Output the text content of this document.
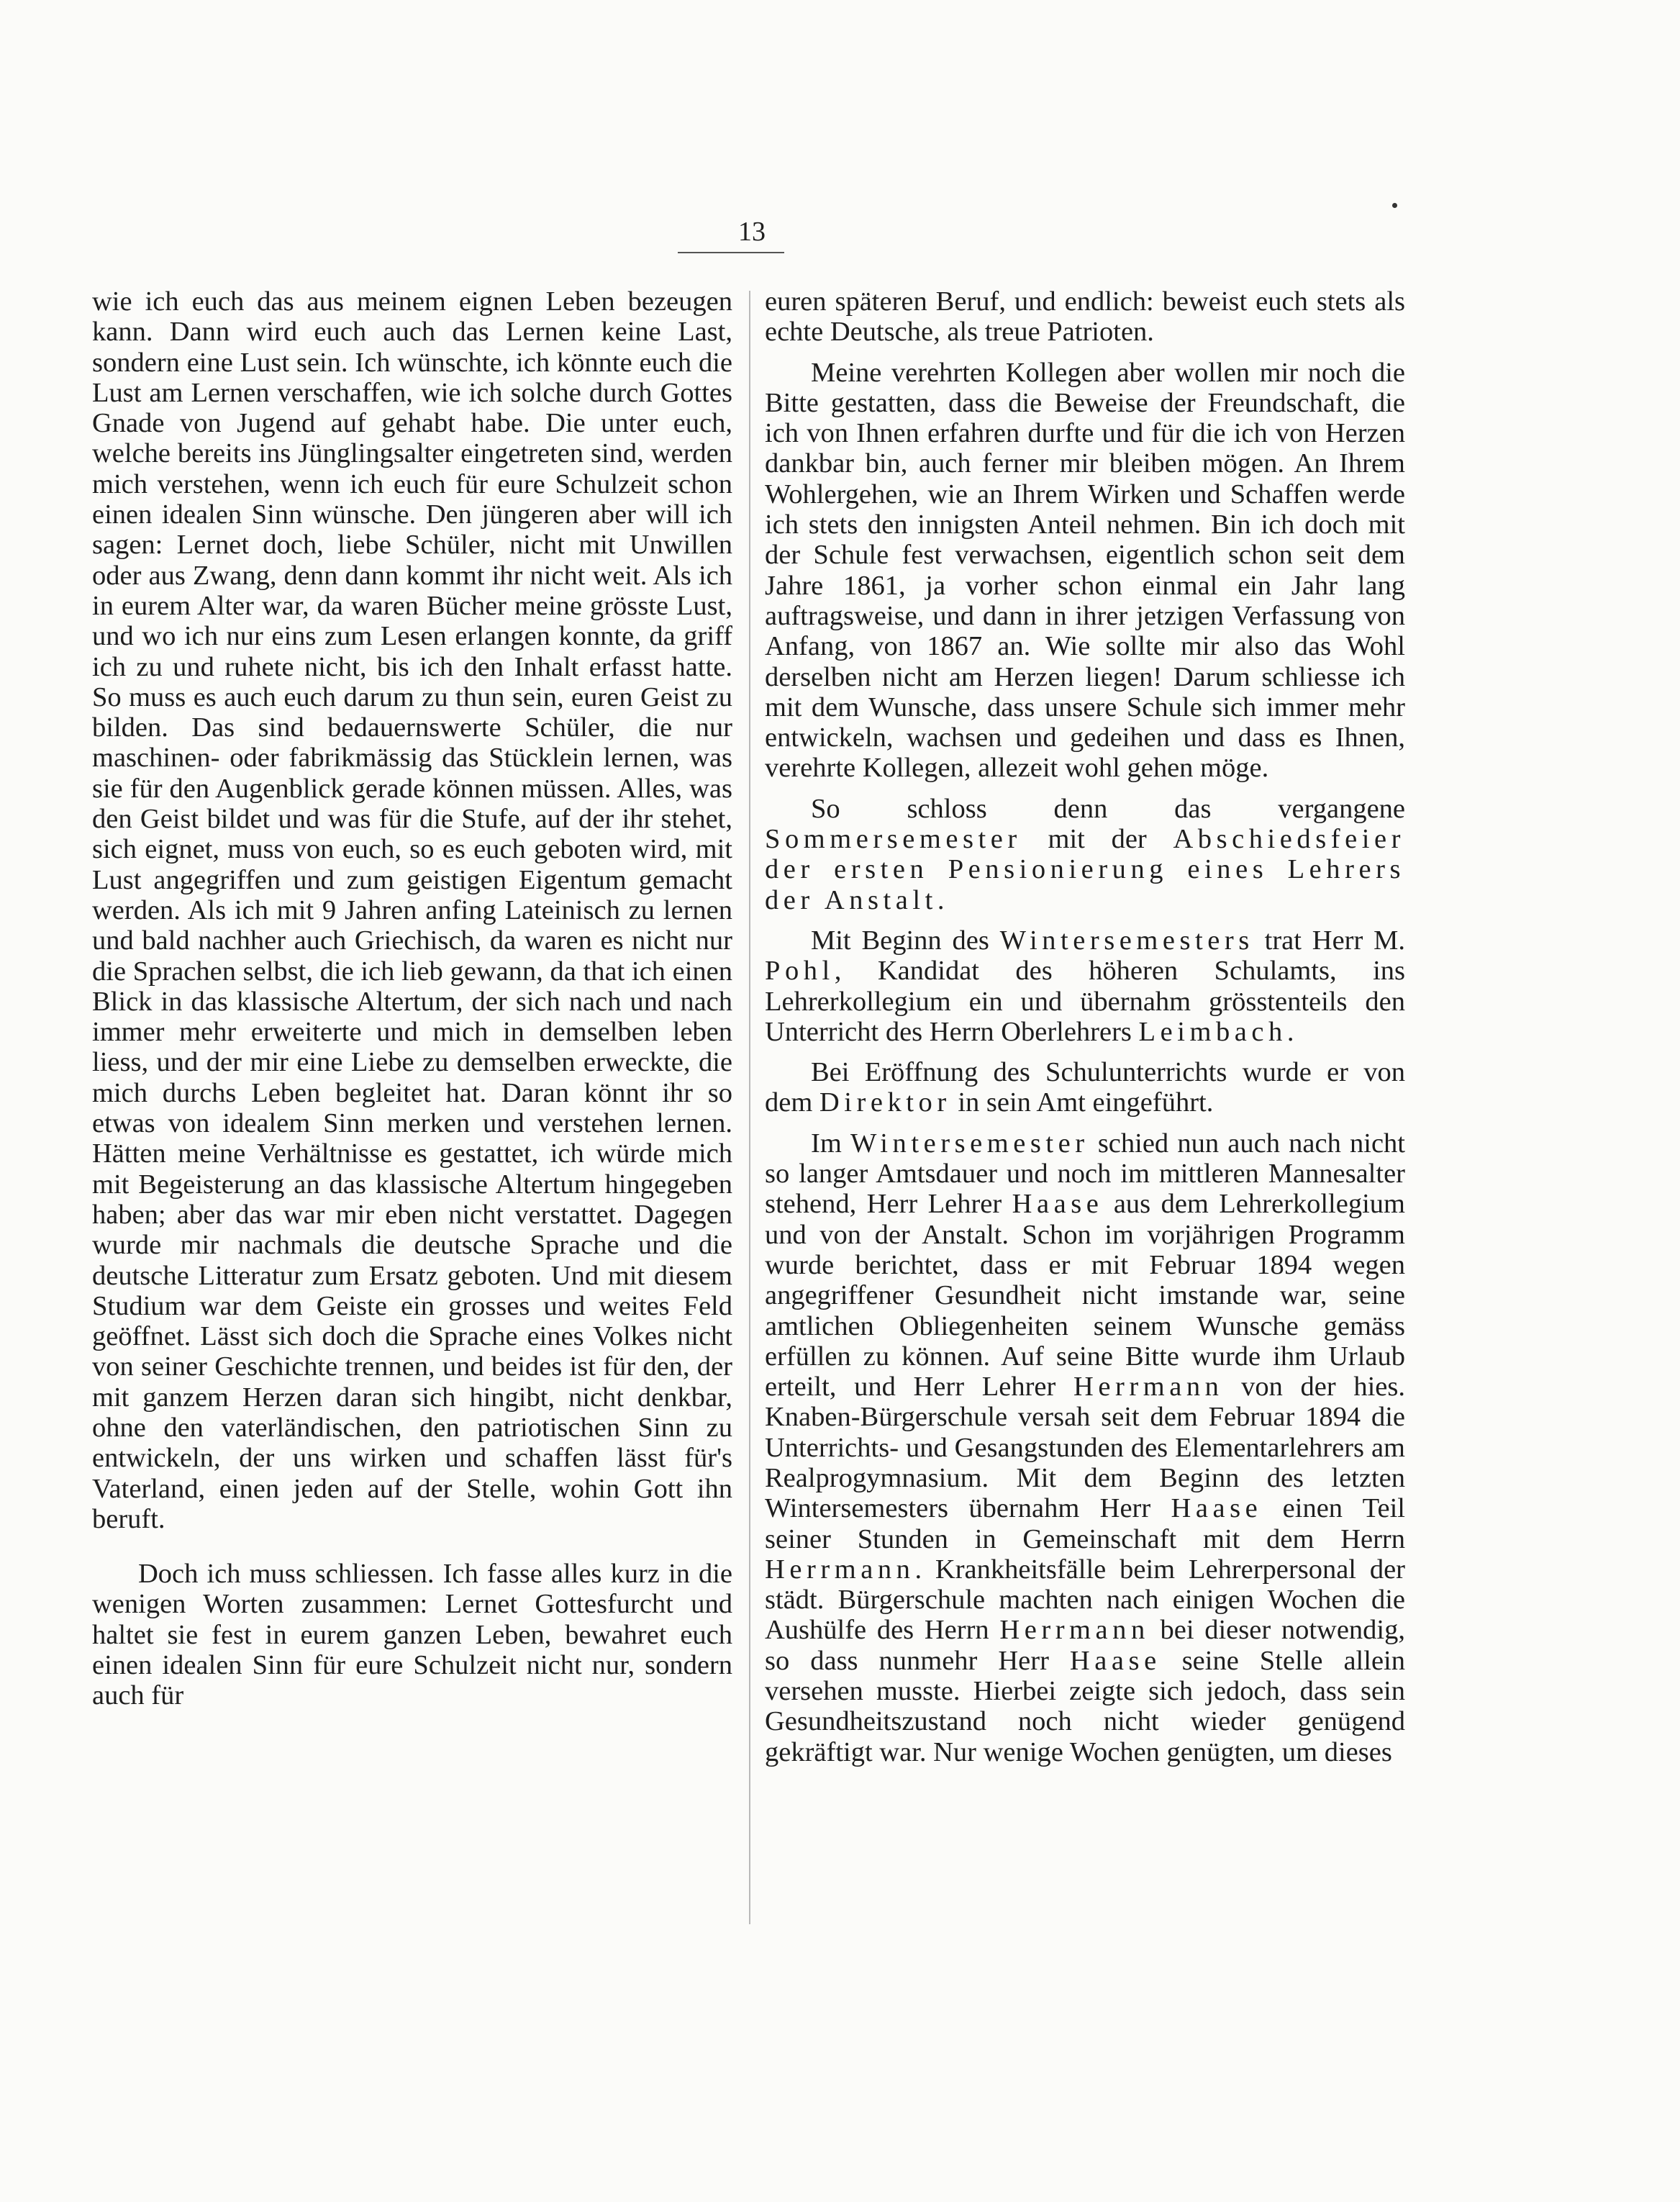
13

wie ich euch das aus meinem eignen Leben bezeugen kann. Dann wird euch auch das Lernen keine Last, sondern eine Lust sein. Ich wünschte, ich könnte euch die Lust am Lernen verschaffen, wie ich solche durch Gottes Gnade von Jugend auf gehabt habe. Die unter euch, welche bereits ins Jünglingsalter eingetreten sind, werden mich verstehen, wenn ich euch für eure Schulzeit schon einen idealen Sinn wünsche. Den jüngeren aber will ich sagen: Lernet doch, liebe Schüler, nicht mit Unwillen oder aus Zwang, denn dann kommt ihr nicht weit. Als ich in eurem Alter war, da waren Bücher meine grösste Lust, und wo ich nur eins zum Lesen erlangen konnte, da griff ich zu und ruhete nicht, bis ich den Inhalt erfasst hatte. So muss es auch euch darum zu thun sein, euren Geist zu bilden. Das sind bedauernswerte Schüler, die nur maschinen- oder fabrikmässig das Stücklein lernen, was sie für den Augenblick gerade können müssen. Alles, was den Geist bildet und was für die Stufe, auf der ihr stehet, sich eignet, muss von euch, so es euch geboten wird, mit Lust angegriffen und zum geistigen Eigentum gemacht werden. Als ich mit 9 Jahren anfing Lateinisch zu lernen und bald nachher auch Griechisch, da waren es nicht nur die Sprachen selbst, die ich lieb gewann, da that ich einen Blick in das klassische Altertum, der sich nach und nach immer mehr erweiterte und mich in demselben leben liess, und der mir eine Liebe zu demselben erweckte, die mich durchs Leben begleitet hat. Daran könnt ihr so etwas von idealem Sinn merken und verstehen lernen. Hätten meine Verhältnisse es gestattet, ich würde mich mit Begeisterung an das klassische Altertum hingegeben haben; aber das war mir eben nicht verstattet. Dagegen wurde mir nachmals die deutsche Sprache und die deutsche Litteratur zum Ersatz geboten. Und mit diesem Studium war dem Geiste ein grosses und weites Feld geöffnet. Lässt sich doch die Sprache eines Volkes nicht von seiner Geschichte trennen, und beides ist für den, der mit ganzem Herzen daran sich hingibt, nicht denkbar, ohne den vaterländischen, den patriotischen Sinn zu entwickeln, der uns wirken und schaffen lässt für's Vaterland, einen jeden auf der Stelle, wohin Gott ihn beruft.

Doch ich muss schliessen. Ich fasse alles kurz in die wenigen Worten zusammen: Lernet Gottesfurcht und haltet sie fest in eurem ganzen Leben, bewahret euch einen idealen Sinn für eure Schulzeit nicht nur, sondern auch für

euren späteren Beruf, und endlich: beweist euch stets als echte Deutsche, als treue Patrioten.

Meine verehrten Kollegen aber wollen mir noch die Bitte gestatten, dass die Beweise der Freundschaft, die ich von Ihnen erfahren durfte und für die ich von Herzen dankbar bin, auch ferner mir bleiben mögen. An Ihrem Wohlergehen, wie an Ihrem Wirken und Schaffen werde ich stets den innigsten Anteil nehmen. Bin ich doch mit der Schule fest verwachsen, eigentlich schon seit dem Jahre 1861, ja vorher schon einmal ein Jahr lang auftragsweise, und dann in ihrer jetzigen Verfassung von Anfang, von 1867 an. Wie sollte mir also das Wohl derselben nicht am Herzen liegen! Darum schliesse ich mit dem Wunsche, dass unsere Schule sich immer mehr entwickeln, wachsen und gedeihen und dass es Ihnen, verehrte Kollegen, allezeit wohl gehen möge.

So schloss denn das vergangene Sommersemester mit der Abschiedsfeier der ersten Pensionierung eines Lehrers der Anstalt.

Mit Beginn des Wintersemesters trat Herr M. Pohl, Kandidat des höheren Schulamts, ins Lehrerkollegium ein und übernahm grösstenteils den Unterricht des Herrn Oberlehrers Leimbach.

Bei Eröffnung des Schulunterrichts wurde er von dem Direktor in sein Amt eingeführt.

Im Wintersemester schied nun auch nach nicht so langer Amtsdauer und noch im mittleren Mannesalter stehend, Herr Lehrer Haase aus dem Lehrerkollegium und von der Anstalt. Schon im vorjährigen Programm wurde berichtet, dass er mit Februar 1894 wegen angegriffener Gesundheit nicht imstande war, seine amtlichen Obliegenheiten seinem Wunsche gemäss erfüllen zu können. Auf seine Bitte wurde ihm Urlaub erteilt, und Herr Lehrer Herrmann von der hies. Knaben-Bürgerschule versah seit dem Februar 1894 die Unterrichts- und Gesangstunden des Elementarlehrers am Realprogymnasium. Mit dem Beginn des letzten Wintersemesters übernahm Herr Haase einen Teil seiner Stunden in Gemeinschaft mit dem Herrn Herrmann. Krankheitsfälle beim Lehrerpersonal der städt. Bürgerschule machten nach einigen Wochen die Aushülfe des Herrn Herrmann bei dieser notwendig, so dass nunmehr Herr Haase seine Stelle allein versehen musste. Hierbei zeigte sich jedoch, dass sein Gesundheitszustand noch nicht wieder genügend gekräftigt war. Nur wenige Wochen genügten, um dieses
